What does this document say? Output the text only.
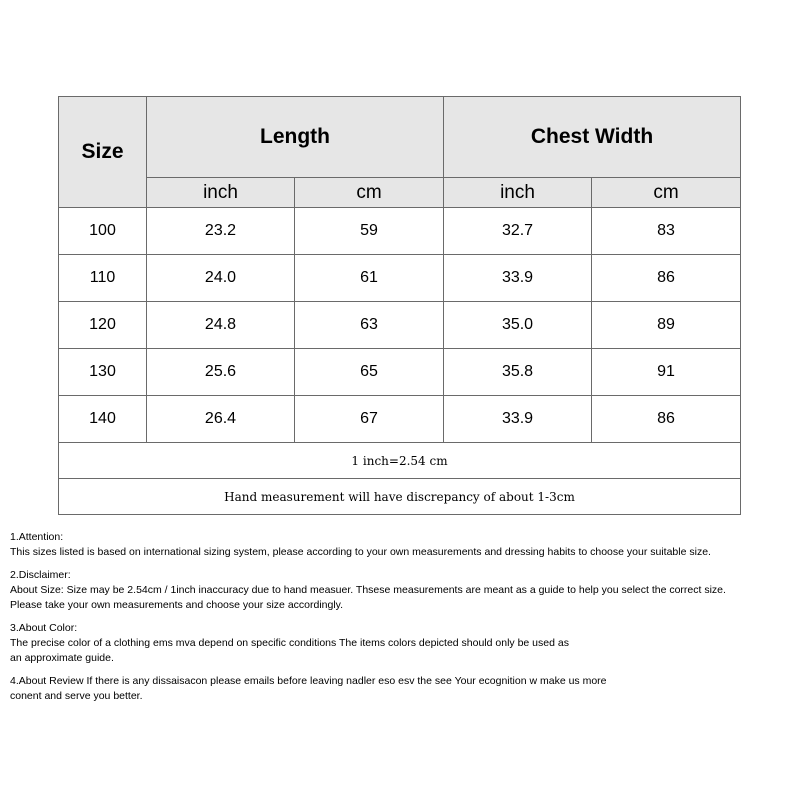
Size	Length		Chest Width	
	inch	cm	inch	cm
100	23.2	59	32.7	83
110	24.0	61	33.9	86
120	24.8	63	35.0	89
130	25.6	65	35.8	91
140	26.4	67	33.9	86
1 inch=2.54 cm				
Hand measurement will have discrepancy of about 1-3cm				
1.Attention:
This sizes listed is based on international sizing system, please according to your own measurements and dressing habits to choose your suitable size.
2.Disclaimer:
About Size: Size may be 2.54cm / 1inch inaccuracy due to hand measuer. Thsese measurements are meant as a guide to help you select the correct size.
Please take your own measurements and choose your size accordingly.
3.About Color:
The precise color of a clothing ems mva depend on specific conditions The items colors depicted should only be used as
an approximate guide.
4.About Review If there is any dissaisacon please emails before leaving nadler eso esv the see Your ecognition w make us more
conent and serve you better.
